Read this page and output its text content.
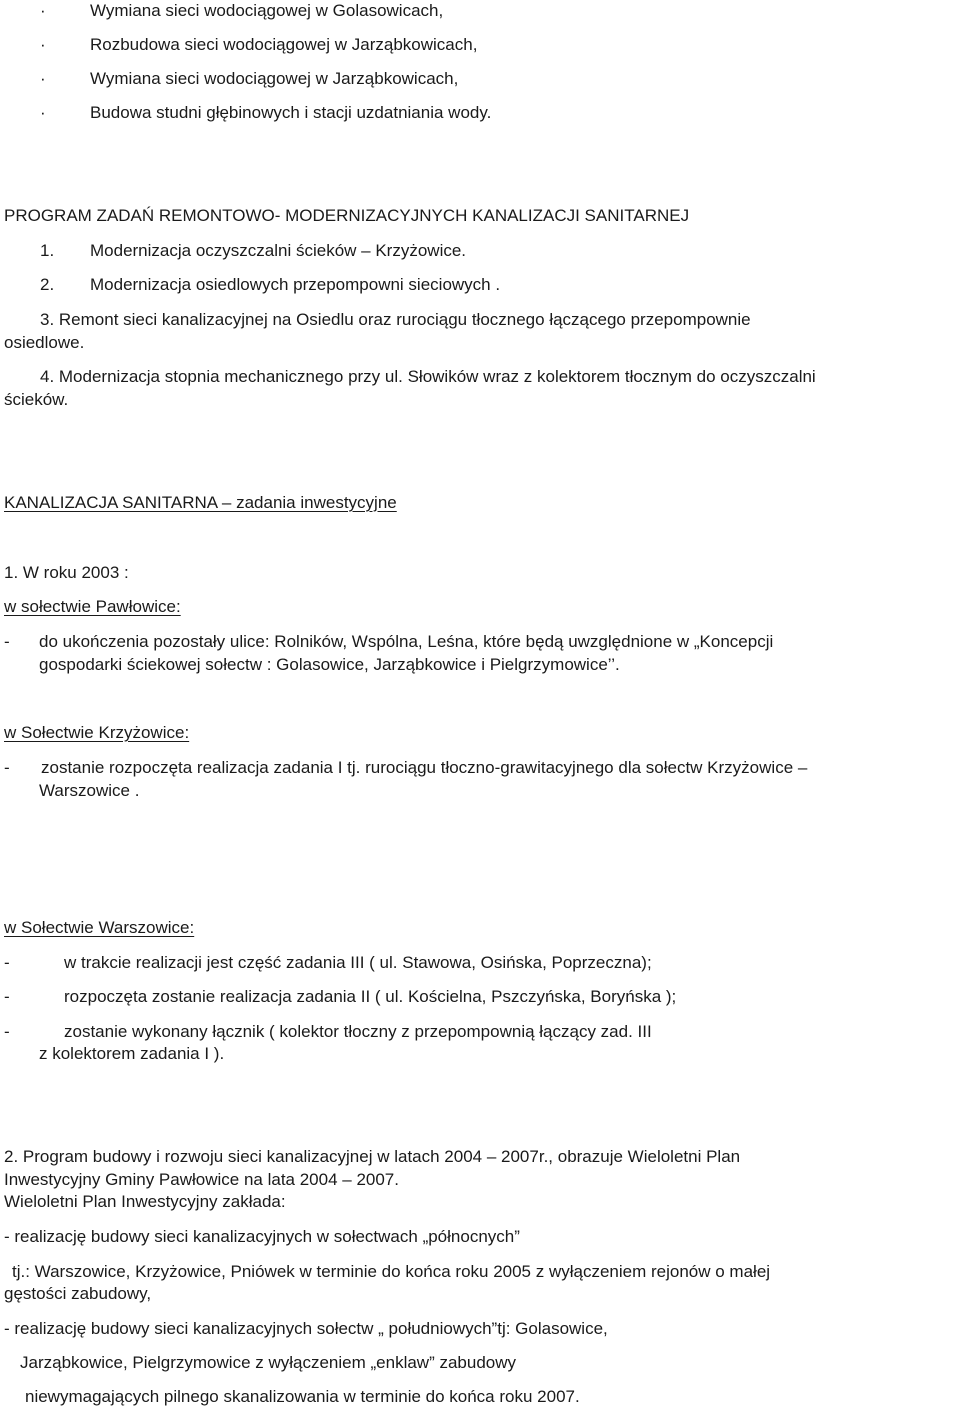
·	Wymiana sieci wodociągowej w Golasowicach,
·	Rozbudowa sieci wodociągowej w Jarząbkowicach,
·	Wymiana sieci wodociągowej w Jarząbkowicach,
·	Budowa studni głębinowych i stacji uzdatniania wody.
PROGRAM ZADAŃ REMONTOWO- MODERNIZACYJNYCH KANALIZACJI SANITARNEJ
1. Modernizacja oczyszczalni ścieków – Krzyżowice.
2. Modernizacja osiedlowych przepompowni sieciowych .
3. Remont sieci kanalizacyjnej na Osiedlu oraz rurociągu tłocznego łączącego przepompownie
osiedlowe.
4. Modernizacja stopnia mechanicznego przy ul. Słowików wraz z kolektorem tłocznym do oczyszczalni
ścieków.
KANALIZACJA SANITARNA – zadania inwestycyjne
1. W roku 2003 :
w sołectwie Pawłowice:
- do ukończenia pozostały ulice: Rolników, Wspólna, Leśna, które będą uwzględnione w „Koncepcji
gospodarki ściekowej sołectw : Golasowice, Jarząbkowice i Pielgrzymowice’’.
w Sołectwie Krzyżowice:
- zostanie rozpoczęta realizacja zadania I tj. rurociągu tłoczno-grawitacyjnego dla sołectw Krzyżowice –
Warszowice .
w Sołectwie Warszowice:
-	w trakcie realizacji jest część zadania III ( ul. Stawowa, Osińska, Poprzeczna);
-	rozpoczęta zostanie realizacja zadania II ( ul. Kościelna, Pszczyńska, Boryńska );
-	zostanie wykonany łącznik ( kolektor tłoczny z przepompownią łączący zad. III
z kolektorem zadania I ).
2. Program budowy i rozwoju sieci kanalizacyjnej w latach 2004 – 2007r., obrazuje Wieloletni Plan
Inwestycyjny Gminy Pawłowice na lata 2004 – 2007.
Wieloletni Plan Inwestycyjny zakłada:
- realizację budowy sieci kanalizacyjnych w sołectwach „północnych”
tj.: Warszowice, Krzyżowice, Pniówek w terminie do końca roku 2005 z wyłączeniem rejonów o małej
gęstości zabudowy,
- realizację budowy sieci kanalizacyjnych sołectw „ południowych”tj: Golasowice,
Jarząbkowice, Pielgrzymowice z wyłączeniem „enklaw” zabudowy
niewymagających pilnego skanalizowania w terminie do końca roku 2007.
